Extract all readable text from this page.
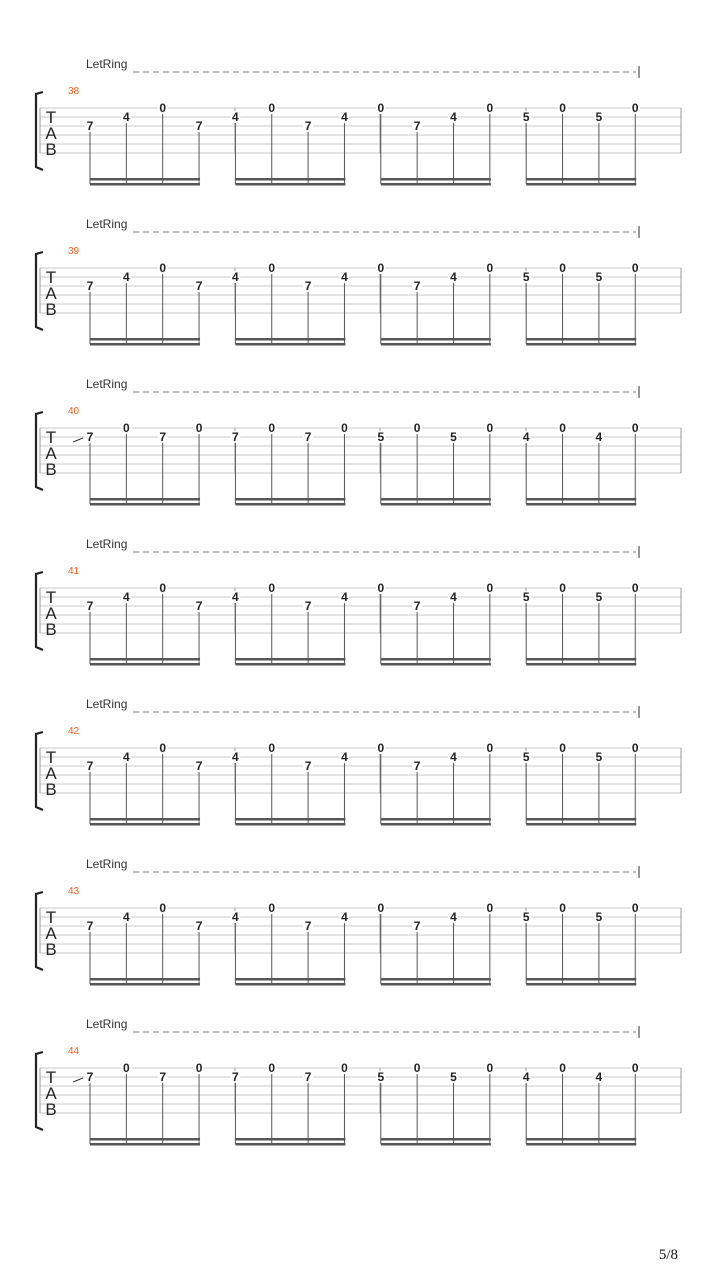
LetRing
38
T
A
B
7
4
0
7
4
0
7
4
0
7
4
0
5
0
5
0
LetRing
39
T
A
B
7
4
0
7
4
0
7
4
0
7
4
0
5
0
5
0
LetRing
40
T
A
B
7
0
7
0
7
0
7
0
5
0
5
0
4
0
4
0
LetRing
41
T
A
B
7
4
0
7
4
0
7
4
0
7
4
0
5
0
5
0
LetRing
42
T
A
B
7
4
0
7
4
0
7
4
0
7
4
0
5
0
5
0
LetRing
43
T
A
B
7
4
0
7
4
0
7
4
0
7
4
0
5
0
5
0
LetRing
44
T
A
B
7
0
7
0
7
0
7
0
5
0
5
0
4
0
4
0
5/8
